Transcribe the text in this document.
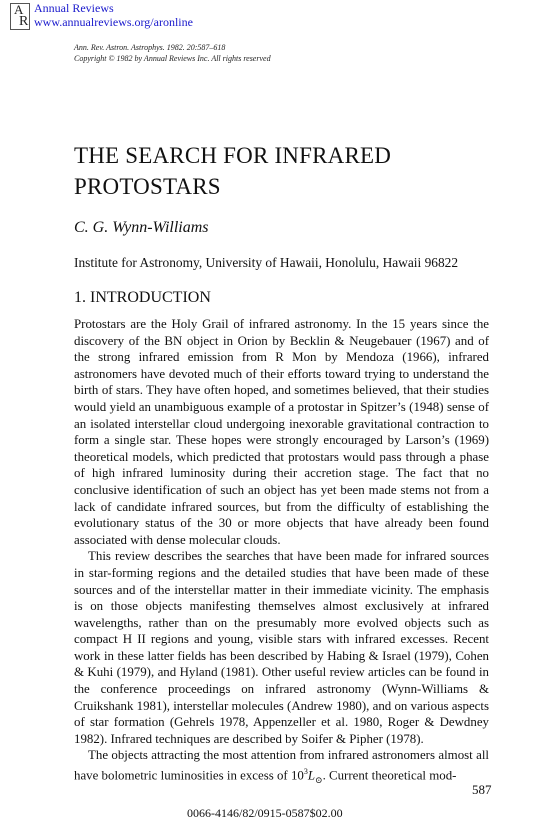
A
R
Annual Reviews
www.annualreviews.org/aronline
Ann. Rev. Astron. Astrophys. 1982. 20:587–618
Copyright © 1982 by Annual Reviews Inc. All rights reserved
THE SEARCH FOR INFRARED
PROTOSTARS
C. G. Wynn-Williams
Institute for Astronomy, University of Hawaii, Honolulu, Hawaii 96822
1. INTRODUCTION

Protostars are the Holy Grail of infrared astronomy. In the 15 years since the discovery of the BN object in Orion by Becklin & Neugebauer (1967) and of the strong infrared emission from R Mon by Mendoza (1966), infrared astronomers have devoted much of their efforts toward trying to understand the birth of stars. They have often hoped, and sometimes believed, that their studies would yield an unambiguous example of a protostar in Spitzer’s (1948) sense of an isolated interstellar cloud undergoing inexorable gravitational contraction to form a single star. These hopes were strongly encouraged by Larson’s (1969) theoretical models, which predicted that protostars would pass through a phase of high infrared luminosity during their accretion stage. The fact that no conclusive identification of such an object has yet been made stems not from a lack of candidate infrared sources, but from the difficulty of establishing the evolutionary status of the 30 or more objects that have already been found associated with dense molecular clouds.

This review describes the searches that have been made for infrared sources in star-forming regions and the detailed studies that have been made of these sources and of the interstellar matter in their immediate vicinity. The emphasis is on those objects manifesting themselves almost exclusively at infrared wavelengths, rather than on the presumably more evolved objects such as compact H II regions and young, visible stars with infrared excesses. Recent work in these latter fields has been described by Habing & Israel (1979), Cohen & Kuhi (1979), and Hyland (1981). Other useful review articles can be found in the conference proceedings on infrared astronomy (Wynn-Williams & Cruikshank 1981), interstellar molecules (Andrew 1980), and on various aspects of star formation (Gehrels 1978, Appenzeller et al. 1980, Roger & Dewdney 1982). Infrared techniques are described by Soifer & Pipher (1978).

The objects attracting the most attention from infrared astronomers almost all have bolometric luminosities in excess of $10^3L_⊙$. Current theoretical mod-

587
0066-4146/82/0915-0587$02.00
